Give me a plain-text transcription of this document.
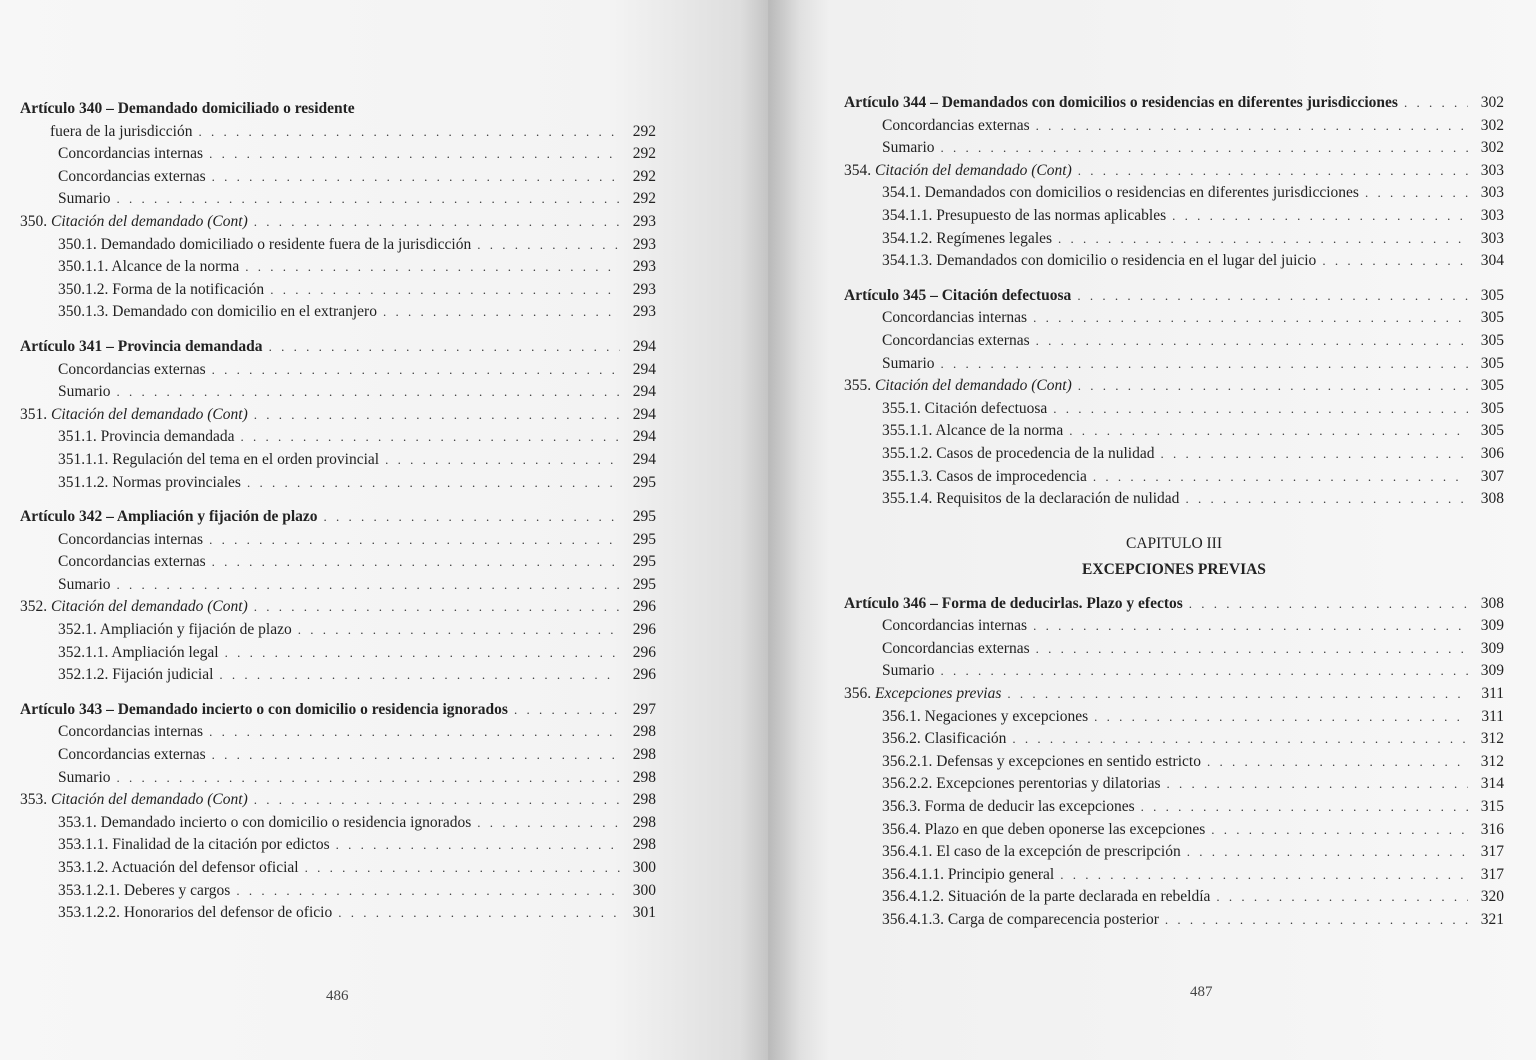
Artículo 340 – Demandado domiciliado o residente
fuera de la jurisdicción . . .	292
Concordancias internas . . .	292
Concordancias externas . . .	292
Sumario . . .	292
350. Citación del demandado (Cont) . . .	293
350.1. Demandado domiciliado o residente fuera de la jurisdicción . . .	293
350.1.1. Alcance de la norma . . .	293
350.1.2. Forma de la notificación . . .	293
350.1.3. Demandado con domicilio en el extranjero . . .	293
Artículo 341 – Provincia demandada . . .	294
Concordancias externas . . .	294
Sumario . . .	294
351. Citación del demandado (Cont) . . .	294
351.1. Provincia demandada . . .	294
351.1.1. Regulación del tema en el orden provincial . . .	294
351.1.2. Normas provinciales . . .	295
Artículo 342 – Ampliación y fijación de plazo . . .	295
Concordancias internas . . .	295
Concordancias externas . . .	295
Sumario . . .	295
352. Citación del demandado (Cont) . . .	296
352.1. Ampliación y fijación de plazo . . .	296
352.1.1. Ampliación legal . . .	296
352.1.2. Fijación judicial . . .	296
Artículo 343 – Demandado incierto o con domicilio o residencia ignorados . . .	297
Concordancias internas . . .	298
Concordancias externas . . .	298
Sumario . . .	298
353. Citación del demandado (Cont) . . .	298
353.1. Demandado incierto o con domicilio o residencia ignorados . . .	298
353.1.1. Finalidad de la citación por edictos . . .	298
353.1.2. Actuación del defensor oficial . . .	300
353.1.2.1. Deberes y cargos . . .	300
353.1.2.2. Honorarios del defensor de oficio . . .	301
486
Artículo 344 – Demandados con domicilios o residencias en diferentes jurisdicciones . . .	302
Concordancias externas . . .	302
Sumario . . .	302
354. Citación del demandado (Cont) . . .	303
354.1. Demandados con domicilios o residencias en diferentes jurisdicciones . . .	303
354.1.1. Presupuesto de las normas aplicables . . .	303
354.1.2. Regímenes legales . . .	303
354.1.3. Demandados con domicilio o residencia en el lugar del juicio . . .	304
Artículo 345 – Citación defectuosa . . .	305
Concordancias internas . . .	305
Concordancias externas . . .	305
Sumario . . .	305
355. Citación del demandado (Cont) . . .	305
355.1. Citación defectuosa . . .	305
355.1.1. Alcance de la norma . . .	305
355.1.2. Casos de procedencia de la nulidad . . .	306
355.1.3. Casos de improcedencia . . .	307
355.1.4. Requisitos de la declaración de nulidad . . .	308
CAPITULO III
EXCEPCIONES PREVIAS
Artículo 346 – Forma de deducirlas. Plazo y efectos . . .	308
Concordancias internas . . .	309
Concordancias externas . . .	309
Sumario . . .	309
356. Excepciones previas . . .	311
356.1. Negaciones y excepciones . . .	311
356.2. Clasificación . . .	312
356.2.1. Defensas y excepciones en sentido estricto . . .	312
356.2.2. Excepciones perentorias y dilatorias . . .	314
356.3. Forma de deducir las excepciones . . .	315
356.4. Plazo en que deben oponerse las excepciones . . .	316
356.4.1. El caso de la excepción de prescripción . . .	317
356.4.1.1. Principio general . . .	317
356.4.1.2. Situación de la parte declarada en rebeldía . . .	320
356.4.1.3. Carga de comparecencia posterior . . .	321
487
